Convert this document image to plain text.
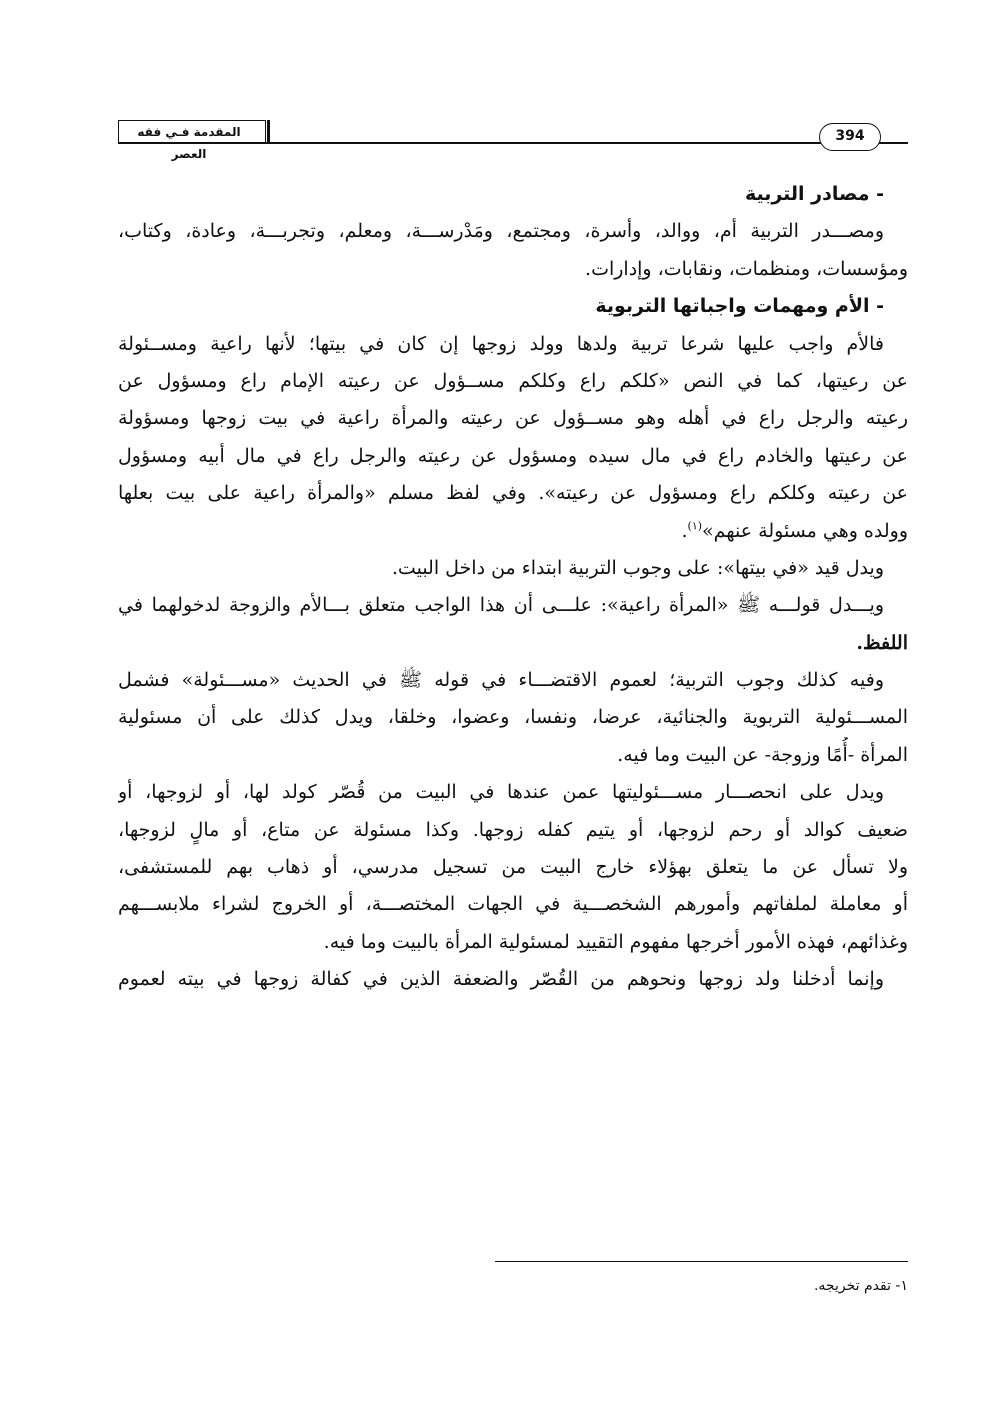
المقدمة فـي فقه العصر
394
- مصادر التربية
ومصـــدر التربية أم، ووالد، وأسرة، ومجتمع، ومَدْرســـة، ومعلم، وتجربـــة، وعادة، وكتاب،
ومؤسسات، ومنظمات، ونقابات، وإدارات.
- الأم ومهمات واجباتها التربوية
فالأم واجب عليها شرعا تربية ولدها وولد زوجها إن كان في بيتها؛ لأنها راعية ومســئولة
عن رعيتها، كما في النص «كلكم راع وكلكم مســؤول عن رعيته الإمام راع ومسؤول عن
رعيته والرجل راع في أهله وهو مســؤول عن رعيته والمرأة راعية في بيت زوجها ومسؤولة
عن رعيتها والخادم راع في مال سيده ومسؤول عن رعيته والرجل راع في مال أبيه ومسؤول
عن رعيته وكلكم راع ومسؤول عن رعيته». وفي لفظ مسلم «والمرأة راعية على بيت بعلها
وولده وهي مسئولة عنهم»$^{(١)}$.
ويدل قيد «في بيتها»: على وجوب التربية ابتداء من داخل البيت.
ويـــدل قولـــه ﷺ «المرأة راعية»: علـــى أن هذا الواجب متعلق بـــالأم والزوجة لدخولهما في
اللفظ.
وفيه كذلك وجوب التربية؛ لعموم الاقتضـــاء في قوله ﷺ في الحديث «مســـئولة» فشمل
المســـئولية التربوية والجنائية، عرضا، ونفسا، وعضوا، وخلقا، ويدل كذلك على أن مسئولية
المرأة -أُمًا وزوجة- عن البيت وما فيه.
ويدل على انحصـــار مســـئوليتها عمن عندها في البيت من قُصّر كولد لها، أو لزوجها، أو
ضعيف كوالد أو رحم لزوجها، أو يتيم كفله زوجها. وكذا مسئولة عن متاع، أو مالٍ لزوجها،
ولا تسأل عن ما يتعلق بهؤلاء خارج البيت من تسجيل مدرسي، أو ذهاب بهم للمستشفى،
أو معاملة لملفاتهم وأمورهم الشخصـــية في الجهات المختصـــة، أو الخروج لشراء ملابســـهم
وغذائهم، فهذه الأمور أخرجها مفهوم التقييد لمسئولية المرأة بالبيت وما فيه.
وإنما أدخلنا ولد زوجها ونحوهم من القُصّر والضعفة الذين في كفالة زوجها في بيته لعموم
١- تقدم تخريجه.
